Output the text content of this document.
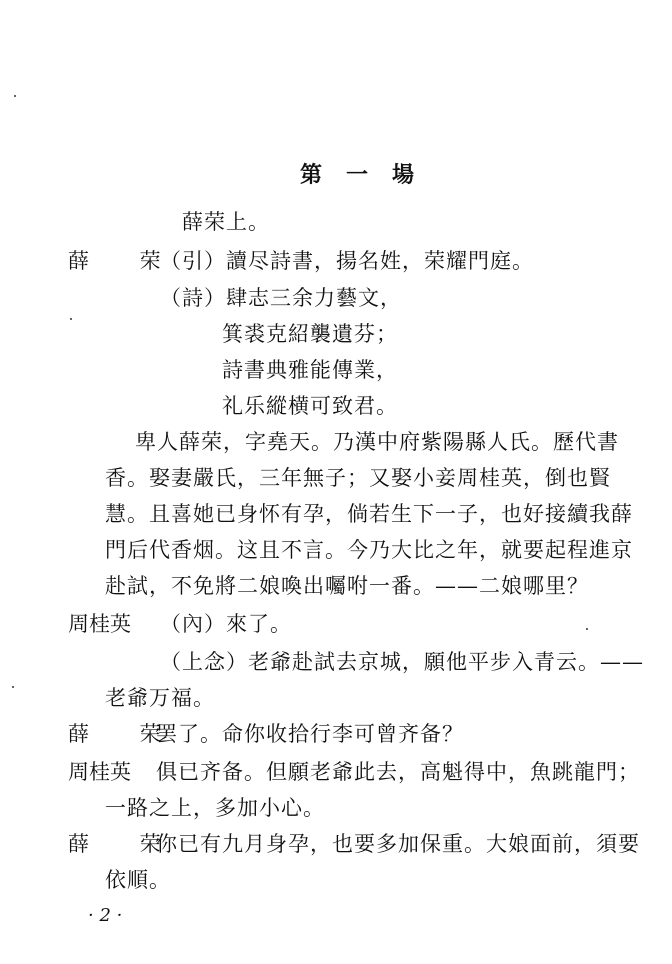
第 一 場
薛荣上。
薛 荣
（引）讀尽詩書，揚名姓，荣耀門庭。
（詩）肆志三余力藝文，
箕裘克紹襲遺芬；
詩書典雅能傳業，
礼乐縱横可致君。
卑人薛荣，字堯天。乃漢中府紫陽縣人氏。歷代書
香。娶妻嚴氏，三年無子；又娶小妾周桂英，倒也賢
慧。且喜她已身怀有孕，倘若生下一子，也好接續我薛
門后代香烟。这且不言。今乃大比之年，就要起程進京
赴試，不免將二娘喚出囑咐一番。——二娘哪里？
周桂英 （內）來了。
（上念）老爺赴試去京城，願他平步入青云。——
老爺万福。
薛 荣
罢了。命你收拾行李可曾齐备？
周桂英 俱已齐备。但願老爺此去，高魁得中，魚跳龍門；
一路之上，多加小心。
薛 荣
你已有九月身孕，也要多加保重。大娘面前，須要
依順。
· 2 ·
